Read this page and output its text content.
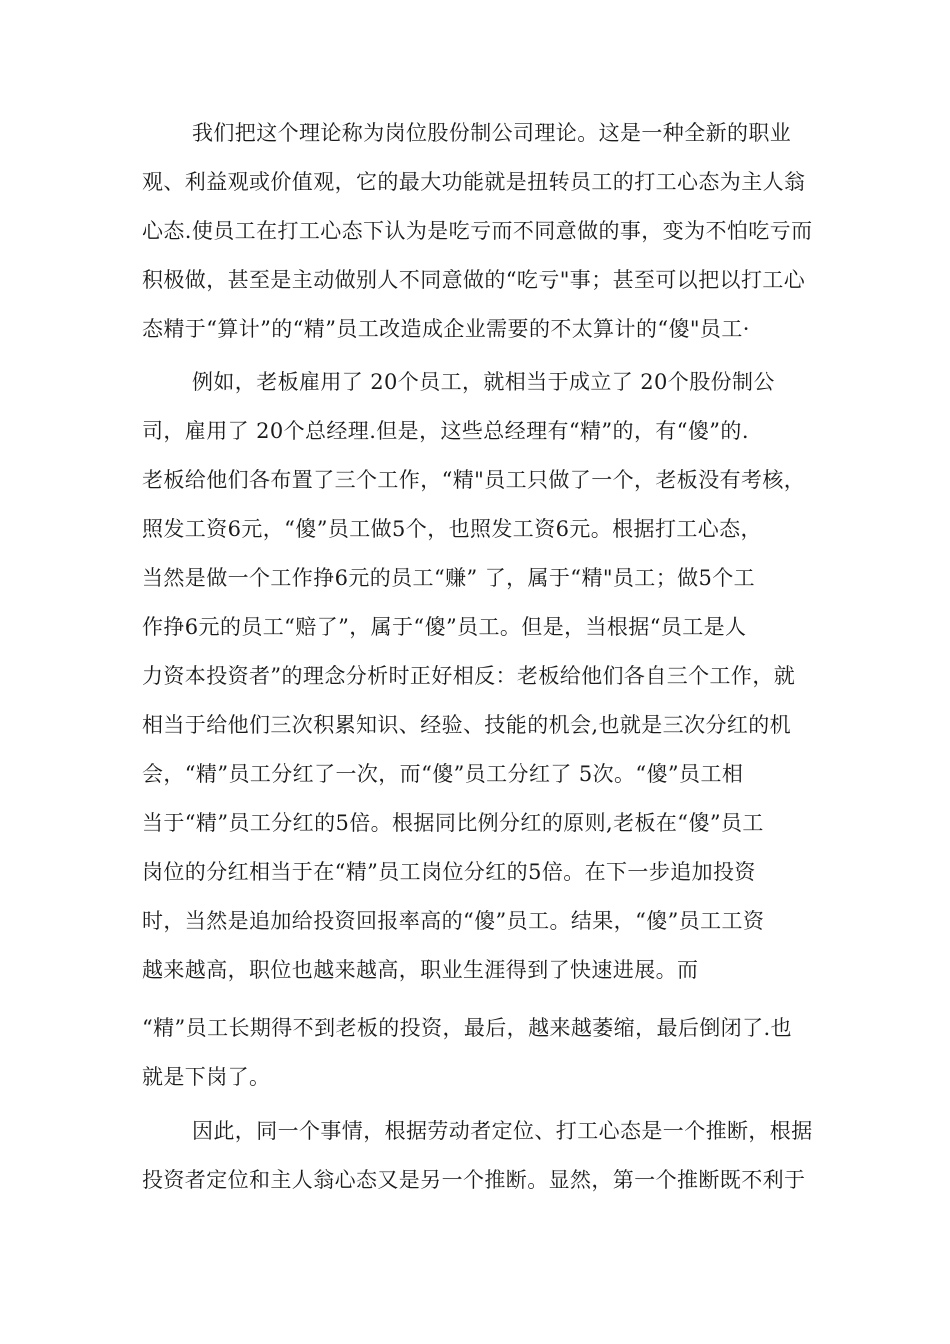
我们把这个理论称为岗位股份制公司理论。这是一种全新的职业
观、利益观或价值观，它的最大功能就是扭转员工的打工心态为主人翁
心态.使员工在打工心态下认为是吃亏而不同意做的事，变为不怕吃亏而
积极做，甚至是主动做别人不同意做的“吃亏"事；甚至可以把以打工心
态精于“算计”的“精”员工改造成企业需要的不太算计的“傻"员工·
例如，老板雇用了 20个员工，就相当于成立了 20个股份制公
司，雇用了 20个总经理.但是，这些总经理有“精”的，有“傻”的.
老板给他们各布置了三个工作，“精"员工只做了一个，老板没有考核，
照发工资6元，“傻”员工做5个，也照发工资6元。根据打工心态，
当然是做一个工作挣6元的员工“赚” 了，属于“精"员工；做5个工
作挣6元的员工“赔了”，属于“傻”员工。但是，当根据“员工是人
力资本投资者”的理念分析时正好相反：老板给他们各自三个工作，就
相当于给他们三次积累知识、经验、技能的机会,也就是三次分红的机
会，“精”员工分红了一次，而“傻”员工分红了 5次。“傻”员工相
当于“精”员工分红的5倍。根据同比例分红的原则,老板在“傻”员工
岗位的分红相当于在“精”员工岗位分红的5倍。在下一步追加投资
时，当然是追加给投资回报率高的“傻”员工。结果，“傻”员工工资
越来越高，职位也越来越高，职业生涯得到了快速进展。而
“精”员工长期得不到老板的投资，最后，越来越萎缩，最后倒闭了.也
就是下岗了。
因此，同一个事情，根据劳动者定位、打工心态是一个推断，根据
投资者定位和主人翁心态又是另一个推断。显然，第一个推断既不利于
